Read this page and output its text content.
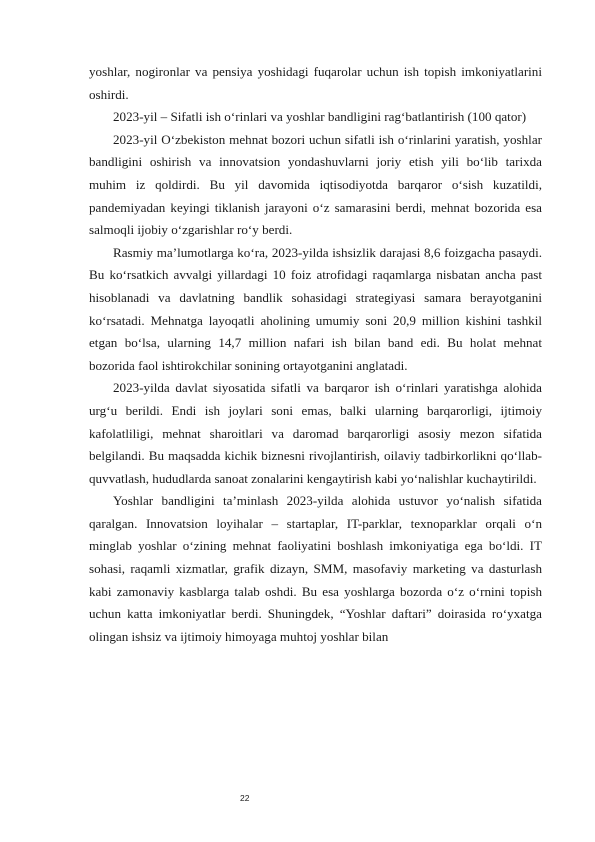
yoshlar, nogironlar va pensiya yoshidagi fuqarolar uchun ish topish imkoniyatlarini oshirdi.

2023-yil – Sifatli ish o‘rinlari va yoshlar bandligini rag‘batlantirish (100 qator)

2023-yil O‘zbekiston mehnat bozori uchun sifatli ish o‘rinlarini yaratish, yoshlar bandligini oshirish va innovatsion yondashuvlarni joriy etish yili bo‘lib tarixda muhim iz qoldirdi. Bu yil davomida iqtisodiyotda barqaror o‘sish kuzatildi, pandemiyadan keyingi tiklanish jarayoni o‘z samarasini berdi, mehnat bozorida esa salmoqli ijobiy o‘zgarishlar ro‘y berdi.

Rasmiy ma’lumotlarga ko‘ra, 2023-yilda ishsizlik darajasi 8,6 foizgacha pasaydi. Bu ko‘rsatkich avvalgi yillardagi 10 foiz atrofidagi raqamlarga nisbatan ancha past hisoblanadi va davlatning bandlik sohasidagi strategiyasi samara berayotganini ko‘rsatadi. Mehnatga layoqatli aholining umumiy soni 20,9 million kishini tashkil etgan bo‘lsa, ularning 14,7 million nafari ish bilan band edi. Bu holat mehnat bozorida faol ishtirokchilar sonining ortayotganini anglatadi.

2023-yilda davlat siyosatida sifatli va barqaror ish o‘rinlari yaratishga alohida urg‘u berildi. Endi ish joylari soni emas, balki ularning barqarorligi, ijtimoiy kafolatliligi, mehnat sharoitlari va daromad barqarorligi asosiy mezon sifatida belgilandi. Bu maqsadda kichik biznesni rivojlantirish, oilaviy tadbirkorlikni qo‘llab-quvvatlash, hududlarda sanoat zonalarini kengaytirish kabi yo‘nalishlar kuchaytirildi.

Yoshlar bandligini ta’minlash 2023-yilda alohida ustuvor yo‘nalish sifatida qaralgan. Innovatsion loyihalar – startaplar, IT-parklar, texnoparklar orqali o‘n minglab yoshlar o‘zining mehnat faoliyatini boshlash imkoniyatiga ega bo‘ldi. IT sohasi, raqamli xizmatlar, grafik dizayn, SMM, masofaviy marketing va dasturlash kabi zamonaviy kasblarga talab oshdi. Bu esa yoshlarga bozorda o‘z o‘rnini topish uchun katta imkoniyatlar berdi. Shuningdek, “Yoshlar daftari” doirasida ro‘yxatga olingan ishsiz va ijtimoiy himoyaga muhtoj yoshlar bilan

22
